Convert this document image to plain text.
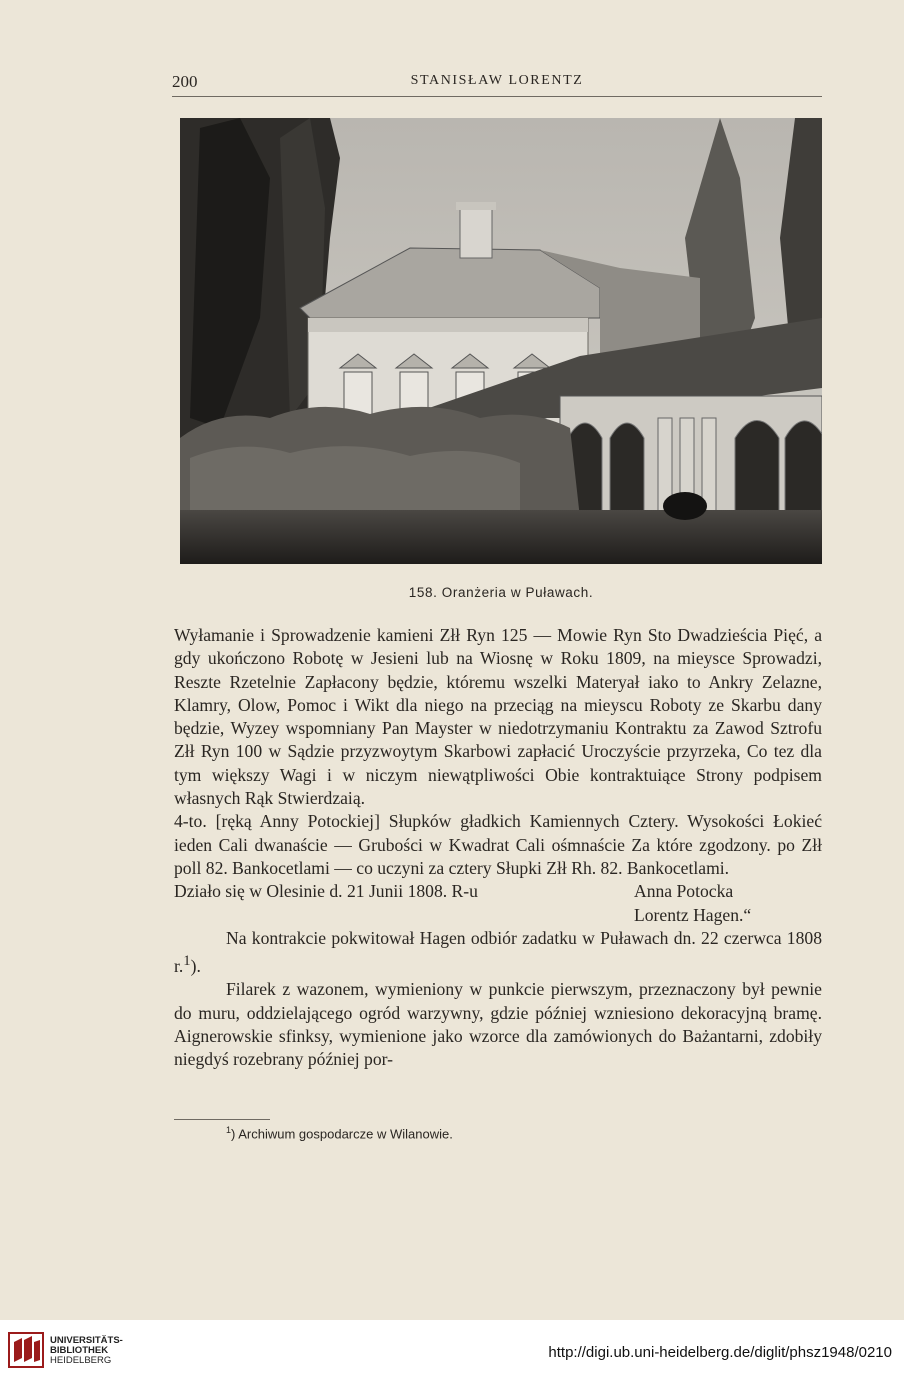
200	STANISŁAW LORENTZ
158. Oranżeria w Puławach.

Wyłamanie i Sprowadzenie kamieni Złł Ryn 125 — Mowie Ryn Sto Dwadzieścia Pięć, a gdy ukończono Robotę w Jesieni lub na Wiosnę w Roku 1809, na mieysce Sprowadzi, Reszte Rzetelnie Zapłacony będzie, któremu wszelki Materyał iako to Ankry Zelazne, Klamry, Olow, Pomoc i Wikt dla niego na przeciąg na mieyscu Roboty ze Skarbu dany będzie, Wyzey wspomniany Pan Mayster w niedotrzymaniu Kontraktu za Zawod Sztrofu Złł Ryn 100 w Sądzie przyzwoytym Skarbowi zapłacić Uroczyście przyrzeka, Co tez dla tym większy Wagi i w niczym niewątpliwości Obie kontraktuiące Strony podpisem własnych Rąk Stwierdzaią.

4-to. [ręką Anny Potockiej] Słupków gładkich Kamiennych Cztery. Wysokości Łokieć ieden Cali dwanaście — Grubości w Kwadrat Cali ośmnaście Za które zgodzony. po Złł poll 82. Bankocetlami — co uczyni za cztery Słupki Złł Rh. 82. Bankocetlami.

Działo się w Olesinie d. 21 Junii 1808. R-u	Anna Potocka
Lorentz Hagen.“

Na kontrakcie pokwitował Hagen odbiór zadatku w Puławach dn. 22 czerwca 1808 r.$^1$).

Filarek z wazonem, wymieniony w punkcie pierwszym, przeznaczony był pewnie do muru, oddzielającego ogród warzywny, gdzie później wzniesiono dekoracyjną bramę. Aignerowskie sfinksy, wymienione jako wzorce dla zamówionych do Bażantarni, zdobiły niegdyś rozebrany później por-

$^1$) Archiwum gospodarcze w Wilanowie.
UNIVERSITÄTS-
BIBLIOTHEK
HEIDELBERG	http://digi.ub.uni-heidelberg.de/diglit/phsz1948/0210
